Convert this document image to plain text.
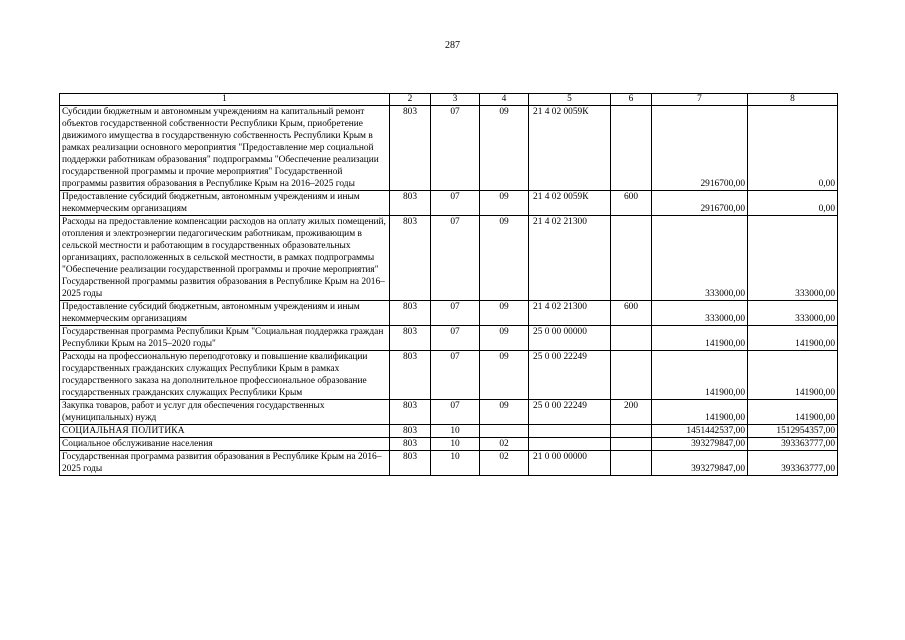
287
1	2	3	4	5	6	7	8
Субсидии бюджетным и автономным учреждениям на капитальный ремонт объектов государственной собственности Республики Крым, приобретение движимого имущества в государственную собственность Республики Крым в рамках реализации основного мероприятия "Предоставление мер социальной поддержки работникам образования" подпрограммы "Обеспечение реализации государственной программы и прочие мероприятия" Государственной программы развития образования в Республике Крым на 2016–2025 годы	803	07	09	21 4 02 0059К		2916700,00	0,00
Предоставление субсидий бюджетным, автономным учреждениям и иным некоммерческим организациям	803	07	09	21 4 02 0059К	600	2916700,00	0,00
Расходы на предоставление компенсации расходов на оплату жилых помещений, отопления и электроэнергии педагогическим работникам, проживающим в сельской местности и работающим в государственных образовательных организациях, расположенных в сельской местности, в рамках подпрограммы "Обеспечение реализации государственной программы и прочие мероприятия" Государственной программы развития образования в Республике Крым на 2016–2025 годы	803	07	09	21 4 02 21300		333000,00	333000,00
Предоставление субсидий бюджетным, автономным учреждениям и иным некоммерческим организациям	803	07	09	21 4 02 21300	600	333000,00	333000,00
Государственная программа Республики Крым "Социальная поддержка граждан Республики Крым на 2015–2020 годы"	803	07	09	25 0 00 00000		141900,00	141900,00
Расходы на профессиональную переподготовку и повышение квалификации государственных гражданских служащих Республики Крым в рамках государственного заказа на дополнительное профессиональное образование государственных гражданских служащих Республики Крым	803	07	09	25 0 00 22249		141900,00	141900,00
Закупка товаров, работ и услуг для обеспечения государственных (муниципальных) нужд	803	07	09	25 0 00 22249	200	141900,00	141900,00
СОЦИАЛЬНАЯ ПОЛИТИКА	803	10				1451442537,00	1512954357,00
Социальное обслуживание населения	803	10	02			393279847,00	393363777,00
Государственная программа развития образования в Республике Крым на 2016–2025 годы	803	10	02	21 0 00 00000		393279847,00	393363777,00
